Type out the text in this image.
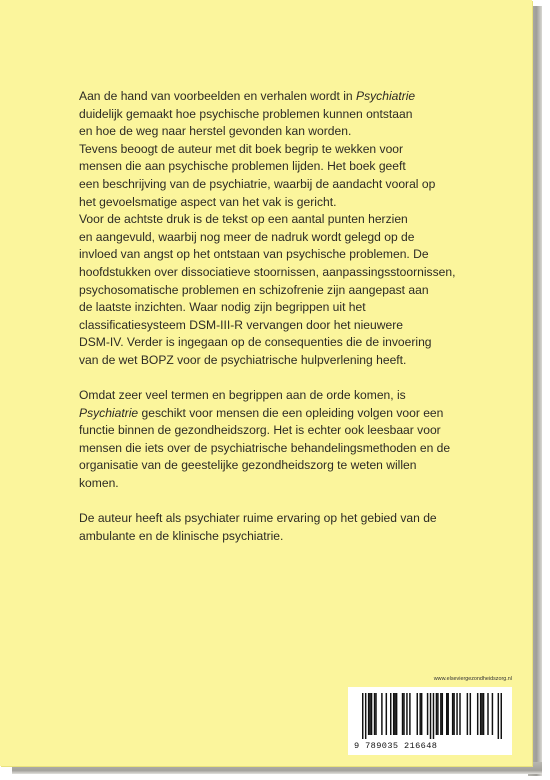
Aan de hand van voorbeelden en verhalen wordt in Psychiatrie
duidelijk gemaakt hoe psychische problemen kunnen ontstaan
en hoe de weg naar herstel gevonden kan worden.
Tevens beoogt de auteur met dit boek begrip te wekken voor
mensen die aan psychische problemen lijden. Het boek geeft
een beschrijving van de psychiatrie, waarbij de aandacht vooral op
het gevoelsmatige aspect van het vak is gericht.
Voor de achtste druk is de tekst op een aantal punten herzien
en aangevuld, waarbij nog meer de nadruk wordt gelegd op de
invloed van angst op het ontstaan van psychische problemen. De
hoofdstukken over dissociatieve stoornissen, aanpassingsstoornissen,
psychosomatische problemen en schizofrenie zijn aangepast aan
de laatste inzichten. Waar nodig zijn begrippen uit het
classificatiesysteem DSM-III-R vervangen door het nieuwere
DSM-IV. Verder is ingegaan op de consequenties die de invoering
van de wet BOPZ voor de psychiatrische hulpverlening heeft.

Omdat zeer veel termen en begrippen aan de orde komen, is
Psychiatrie geschikt voor mensen die een opleiding volgen voor een
functie binnen de gezondheidszorg. Het is echter ook leesbaar voor
mensen die iets over de psychiatrische behandelingsmethoden en de
organisatie van de geestelijke gezondheidszorg te weten willen
komen.

De auteur heeft als psychiater ruime ervaring op het gebied van de
ambulante en de klinische psychiatrie.

www.elseviergezondheidszorg.nl
9 789035 216648
